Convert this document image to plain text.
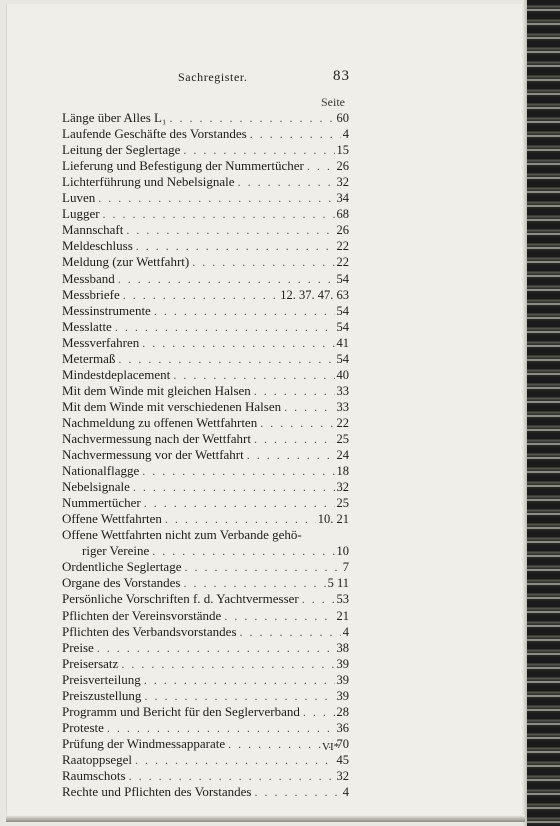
Sachregister.	83
Seite
Länge über Alles L₁ . . .	60
Laufende Geschäfte des Vorstandes . . .	4
Leitung der Seglertage . . .	15
Lieferung und Befestigung der Nummertücher . . .	26
Lichterführung und Nebelsignale . . .	32
Luven . . .	34
Lugger . . .	68
Mannschaft . . .	26
Meldeschluss . . .	22
Meldung (zur Wettfahrt) . . .	22
Messband . . .	54
Messbriefe . . .	12. 37. 47. 63
Messinstrumente . . .	54
Messlatte . . .	54
Messverfahren . . .	41
Metermaß . . .	54
Mindestdeplacement . . .	40
Mit dem Winde mit gleichen Halsen . . .	33
Mit dem Winde mit verschiedenen Halsen . . .	33
Nachmeldung zu offenen Wettfahrten . . .	22
Nachvermessung nach der Wettfahrt . . .	25
Nachvermessung vor der Wettfahrt . . .	24
Nationalflagge . . .	18
Nebelsignale . . .	32
Nummertücher . . .	25
Offene Wettfahrten . . .	10. 21
Offene Wettfahrten nicht zum Verbande gehö-
riger Vereine . . .	10
Ordentliche Seglertage . . .	7
Organe des Vorstandes . . .	5 11
Persönliche Vorschriften f. d. Yachtvermesser . . .	53
Pflichten der Vereinsvorstände . . .	21
Pflichten des Verbandsvorstandes . . .	4
Preise . . .	38
Preisersatz . . .	39
Preisverteilung . . .	39
Preiszustellung . . .	39
Programm und Bericht für den Seglerverband . . .	28
Proteste . . .	36
Prüfung der Windmessapparate . . .	70
Raatoppsegel . . .	45
Raumschots . . .	32
Rechte und Pflichten des Vorstandes . . .	4
VI*
